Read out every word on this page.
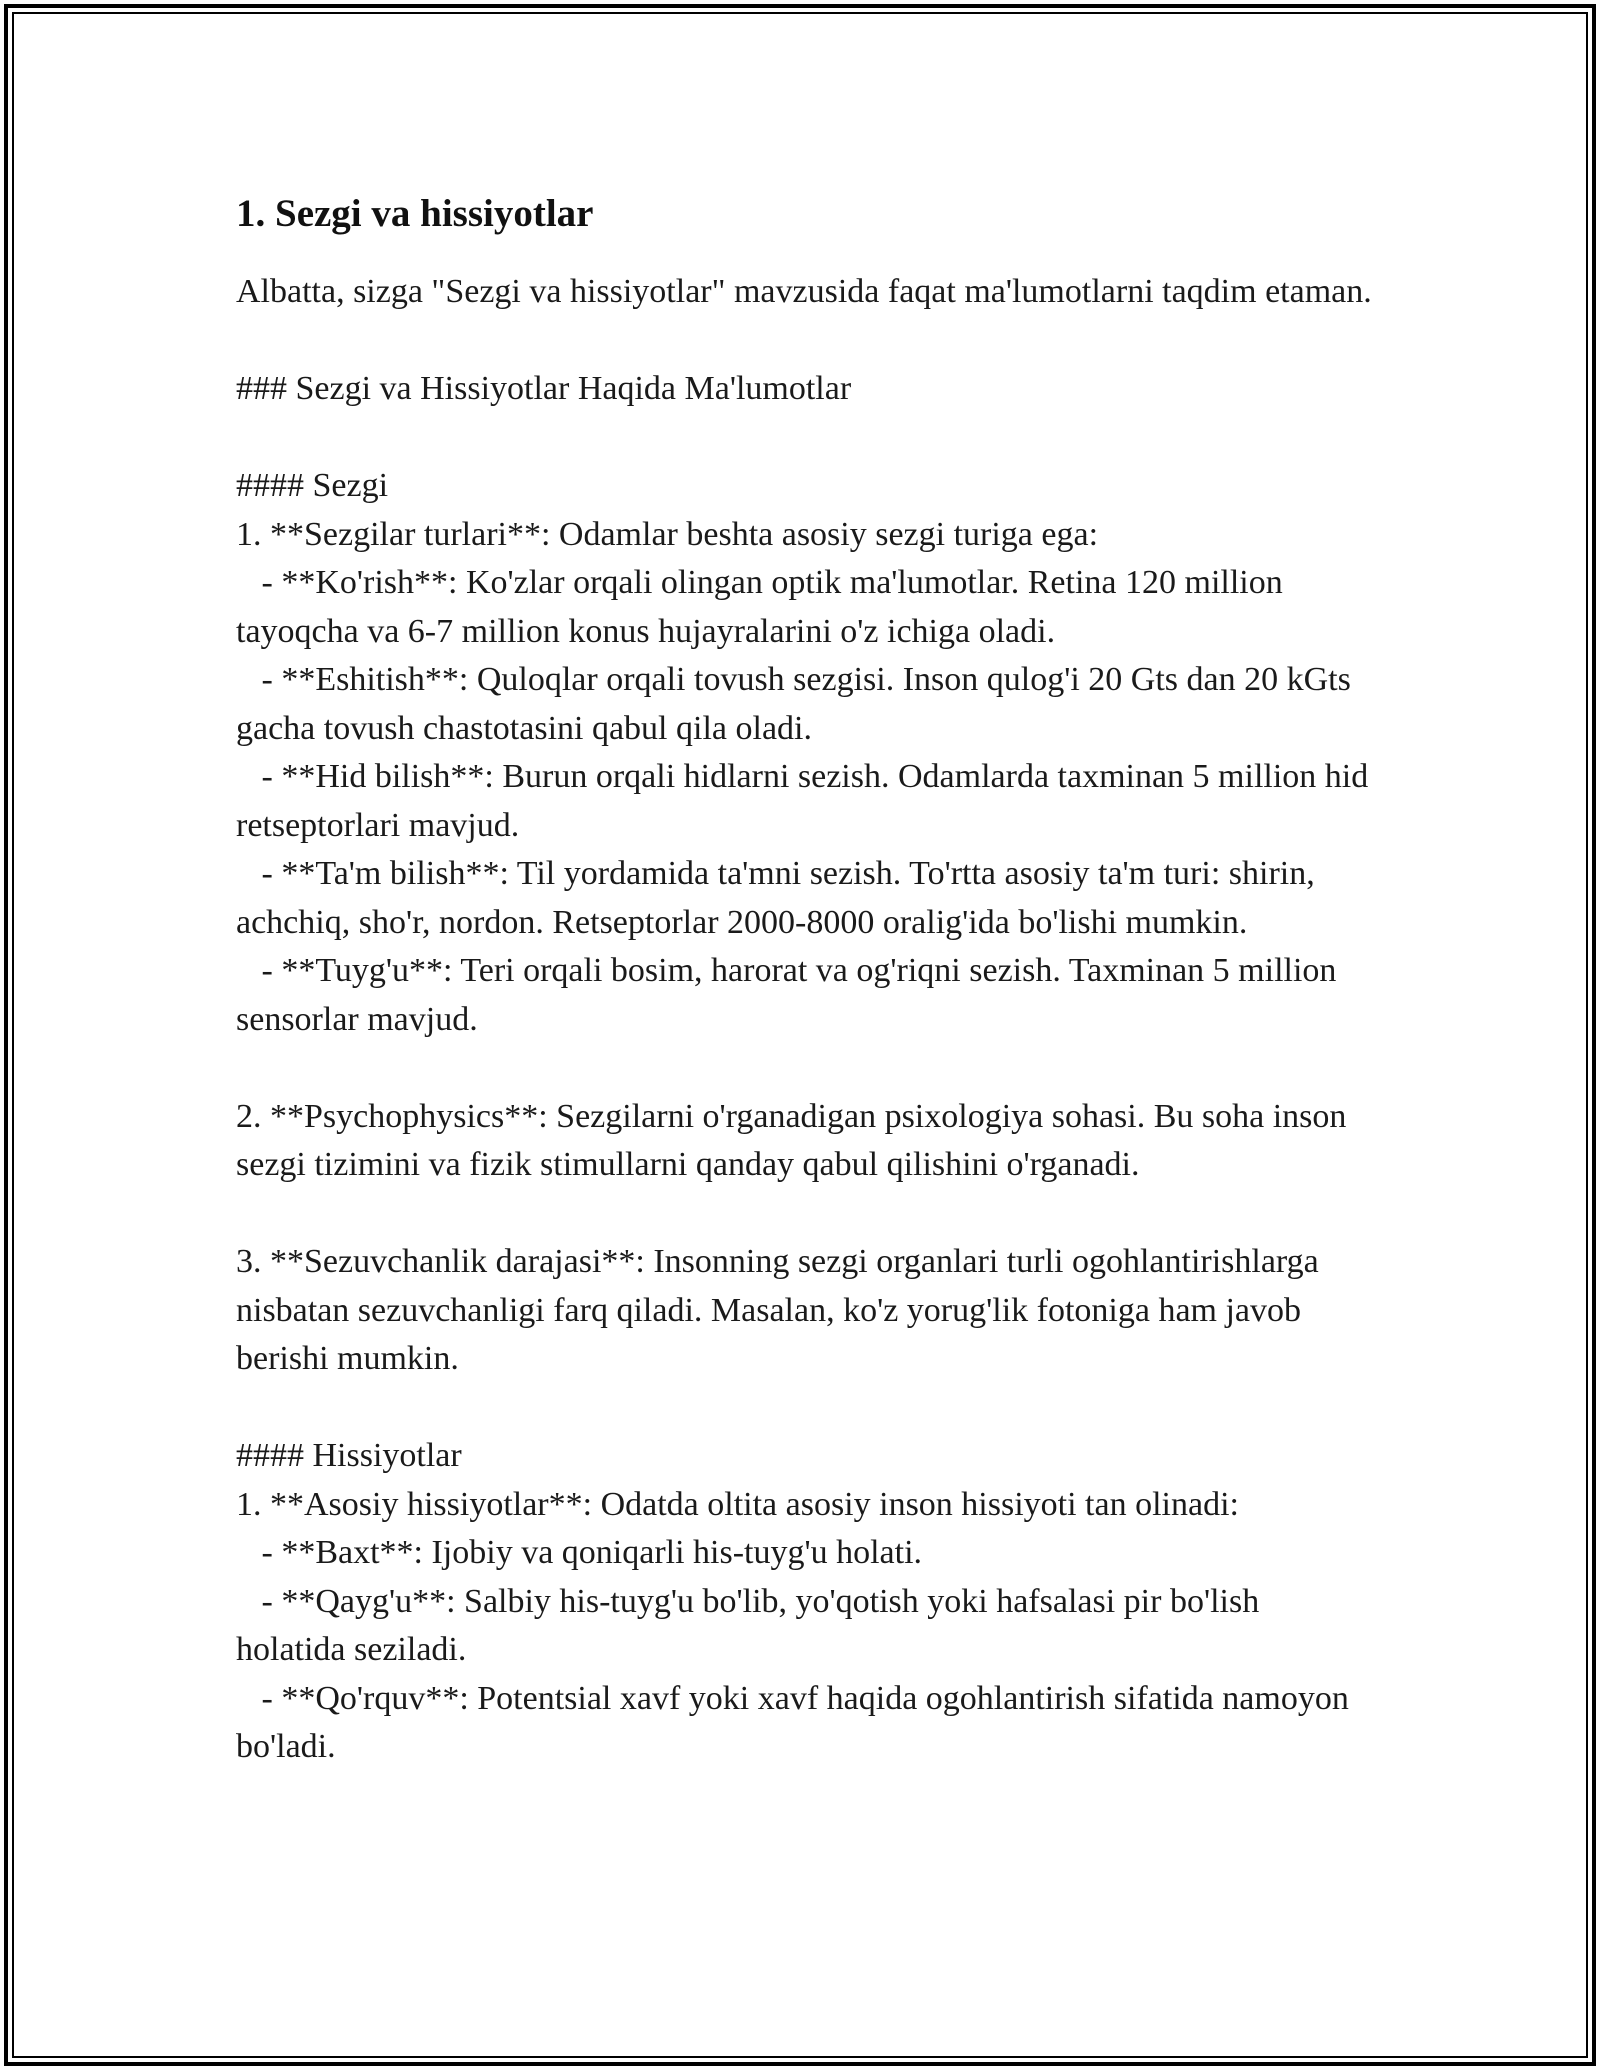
1. Sezgi va hissiyotlar

Albatta, sizga "Sezgi va hissiyotlar" mavzusida faqat ma'lumotlarni taqdim etaman.

### Sezgi va Hissiyotlar Haqida Ma'lumotlar

#### Sezgi
1. **Sezgilar turlari**: Odamlar beshta asosiy sezgi turiga ega:
- **Ko'rish**: Ko'zlar orqali olingan optik ma'lumotlar. Retina 120 million tayoqcha va 6-7 million konus hujayralarini o'z ichiga oladi.
- **Eshitish**: Quloqlar orqali tovush sezgisi. Inson qulog'i 20 Gts dan 20 kGts gacha tovush chastotasini qabul qila oladi.
- **Hid bilish**: Burun orqali hidlarni sezish. Odamlarda taxminan 5 million hid retseptorlari mavjud.
- **Ta'm bilish**: Til yordamida ta'mni sezish. To'rtta asosiy ta'm turi: shirin, achchiq, sho'r, nordon. Retseptorlar 2000-8000 oralig'ida bo'lishi mumkin.
- **Tuyg'u**: Teri orqali bosim, harorat va og'riqni sezish. Taxminan 5 million sensorlar mavjud.

2. **Psychophysics**: Sezgilarni o'rganadigan psixologiya sohasi. Bu soha inson sezgi tizimini va fizik stimullarni qanday qabul qilishini o'rganadi.

3. **Sezuvchanlik darajasi**: Insonning sezgi organlari turli ogohlantirishlarga nisbatan sezuvchanligi farq qiladi. Masalan, ko'z yorug'lik fotoniga ham javob berishi mumkin.

#### Hissiyotlar
1. **Asosiy hissiyotlar**: Odatda oltita asosiy inson hissiyoti tan olinadi:
- **Baxt**: Ijobiy va qoniqarli his-tuyg'u holati.
- **Qayg'u**: Salbiy his-tuyg'u bo'lib, yo'qotish yoki hafsalasi pir bo'lish holatida seziladi.
- **Qo'rquv**: Potentsial xavf yoki xavf haqida ogohlantirish sifatida namoyon bo'ladi.
